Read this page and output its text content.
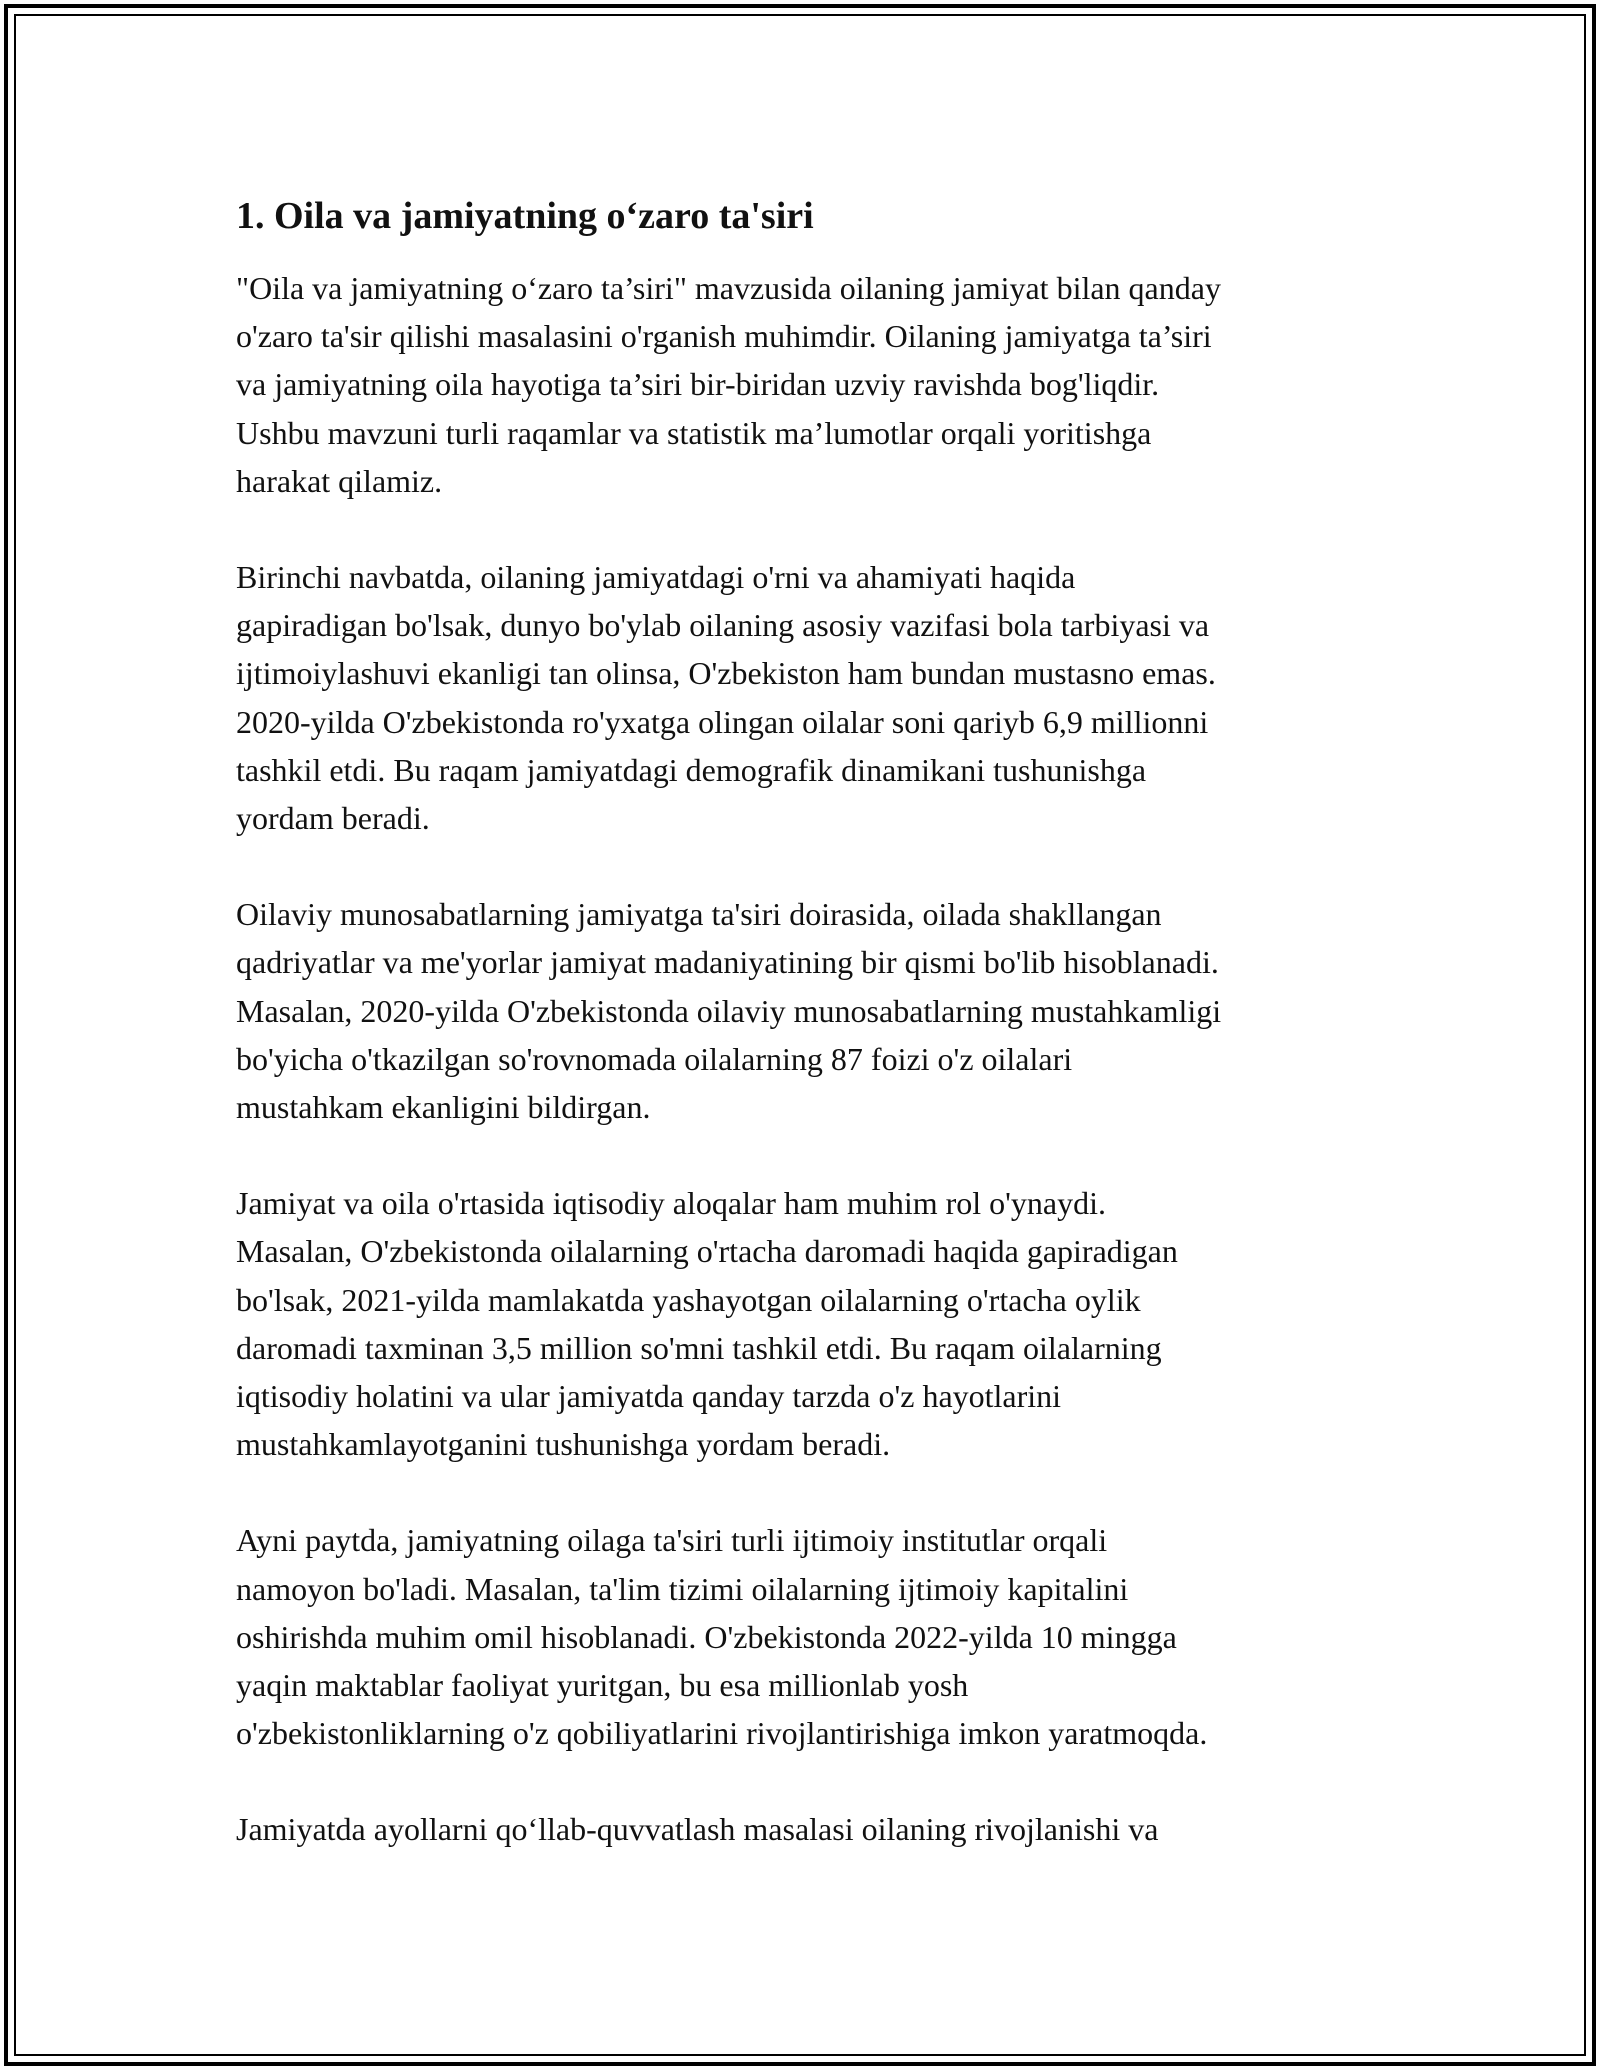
1. Oila va jamiyatning o‘zaro ta'siri

"Oila va jamiyatning o‘zaro ta’siri" mavzusida oilaning jamiyat bilan qanday
o'zaro ta'sir qilishi masalasini o'rganish muhimdir. Oilaning jamiyatga ta’siri
va jamiyatning oila hayotiga ta’siri bir-biridan uzviy ravishda bog'liqdir.
Ushbu mavzuni turli raqamlar va statistik ma’lumotlar orqali yoritishga
harakat qilamiz.

Birinchi navbatda, oilaning jamiyatdagi o'rni va ahamiyati haqida
gapiradigan bo'lsak, dunyo bo'ylab oilaning asosiy vazifasi bola tarbiyasi va
ijtimoiylashuvi ekanligi tan olinsa, O'zbekiston ham bundan mustasno emas.
2020-yilda O'zbekistonda ro'yxatga olingan oilalar soni qariyb 6,9 millionni
tashkil etdi. Bu raqam jamiyatdagi demografik dinamikani tushunishga
yordam beradi.

Oilaviy munosabatlarning jamiyatga ta'siri doirasida, oilada shakllangan
qadriyatlar va me'yorlar jamiyat madaniyatining bir qismi bo'lib hisoblanadi.
Masalan, 2020-yilda O'zbekistonda oilaviy munosabatlarning mustahkamligi
bo'yicha o'tkazilgan so'rovnomada oilalarning 87 foizi o'z oilalari
mustahkam ekanligini bildirgan.

Jamiyat va oila o'rtasida iqtisodiy aloqalar ham muhim rol o'ynaydi.
Masalan, O'zbekistonda oilalarning o'rtacha daromadi haqida gapiradigan
bo'lsak, 2021-yilda mamlakatda yashayotgan oilalarning o'rtacha oylik
daromadi taxminan 3,5 million so'mni tashkil etdi. Bu raqam oilalarning
iqtisodiy holatini va ular jamiyatda qanday tarzda o'z hayotlarini
mustahkamlayotganini tushunishga yordam beradi.

Ayni paytda, jamiyatning oilaga ta'siri turli ijtimoiy institutlar orqali
namoyon bo'ladi. Masalan, ta'lim tizimi oilalarning ijtimoiy kapitalini
oshirishda muhim omil hisoblanadi. O'zbekistonda 2022-yilda 10 mingga
yaqin maktablar faoliyat yuritgan, bu esa millionlab yosh
o'zbekistonliklarning o'z qobiliyatlarini rivojlantirishiga imkon yaratmoqda.

Jamiyatda ayollarni qo‘llab-quvvatlash masalasi oilaning rivojlanishi va
